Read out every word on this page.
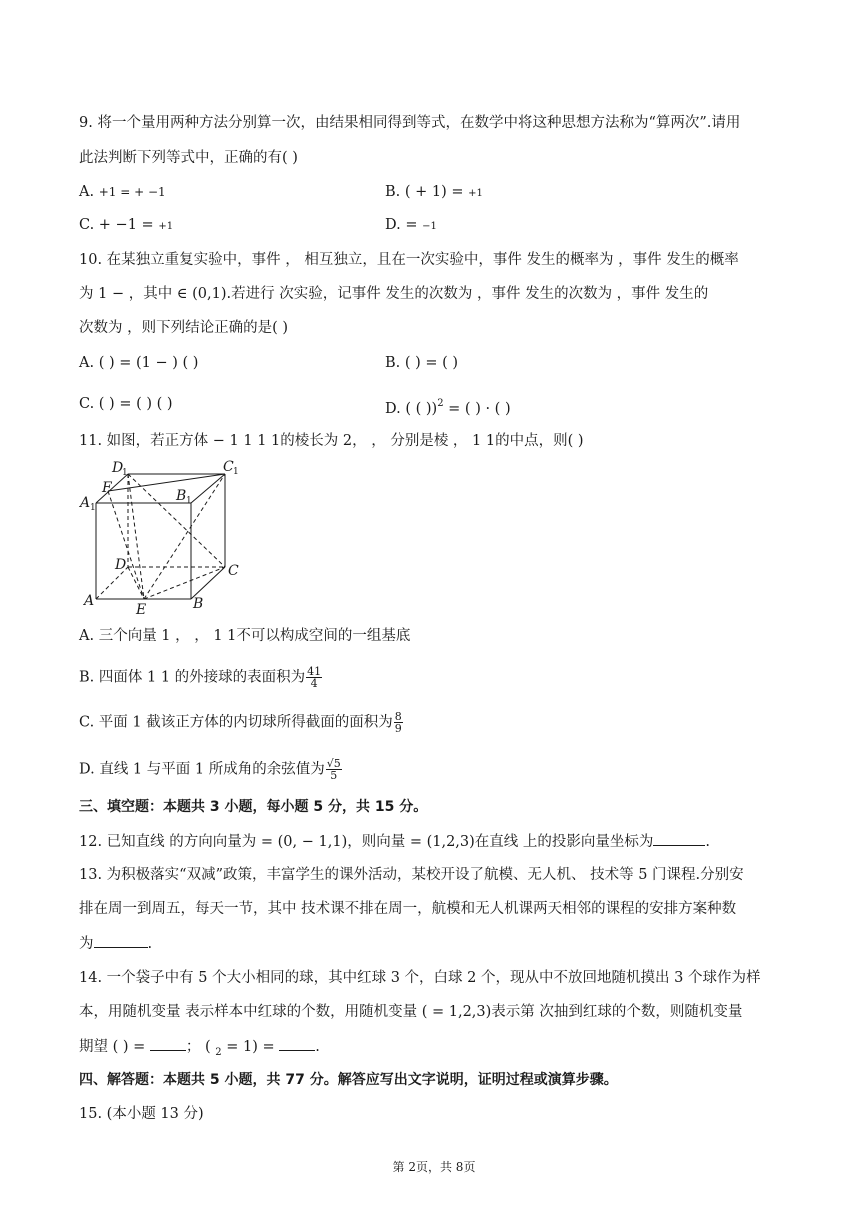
9. 将一个量用两种方法分别算一次，由结果相同得到等式，在数学中将这种思想方法称为“算两次”.请用
此法判断下列等式中，正确的有( )
A. +1 = + −1	B. ( + 1) = +1
C. + −1 = +1	D. = −1
10. 在某独立重复实验中，事件 ， 相互独立，且在一次实验中，事件 发生的概率为 ，事件 发生的概率
为 1 − ，其中 ∈ (0,1).若进行 次实验，记事件 发生的次数为 ，事件 发生的次数为 ，事件 发生的
次数为 ，则下列结论正确的是( )
A. ( ) = (1 − ) ( )	B. ( ) = ( )
C. ( ) = ( ) ( )	D. ( ( ))$^2$ = ( ) · ( )
11. 如图，若正方体 − 1 1 1 1的棱长为 2， ， 分别是棱 ， 1 1的中点，则( )
D
1	C 1
A 1
B 1
F
D	C
A
E	B
A. 三个向量 1 ， ， 1 1不可以构成空间的一组基底
B. 四面体 1 1 的外接球的表面积为 $\frac{41}{4}$
C. 平面 1 截该正方体的内切球所得截面的面积为 $\frac{8}{9}$
D. 直线 1 与平面 1 所成角的余弦值为 $\frac{√5}{5}$
三、填空题：本题共 3 小题，每小题 5 分，共 15 分。
12. 已知直线 的方向向量为 = (0, − 1,1)，则向量 = (1,2,3)在直线 上的投影向量坐标为	.
13. 为积极落实“双减”政策，丰富学生的课外活动，某校开设了航模、无人机、 技术等 5 门课程.分别安
排在周一到周五，每天一节，其中 技术课不排在周一，航模和无人机课两天相邻的课程的安排方案种数
为	.
14. 一个袋子中有 5 个大小相同的球，其中红球 3 个，白球 2 个，现从中不放回地随机摸出 3 个球作为样
本，用随机变量 表示样本中红球的个数，用随机变量 ( = 1,2,3)表示第 次抽到红球的个数，则随机变量
期望 ( ) =	； ( $_2$ = 1) =	.
四、解答题：本题共 5 小题，共 77 分。解答应写出文字说明，证明过程或演算步骤。
15. (本小题 13 分)
第 2页，共 8页
